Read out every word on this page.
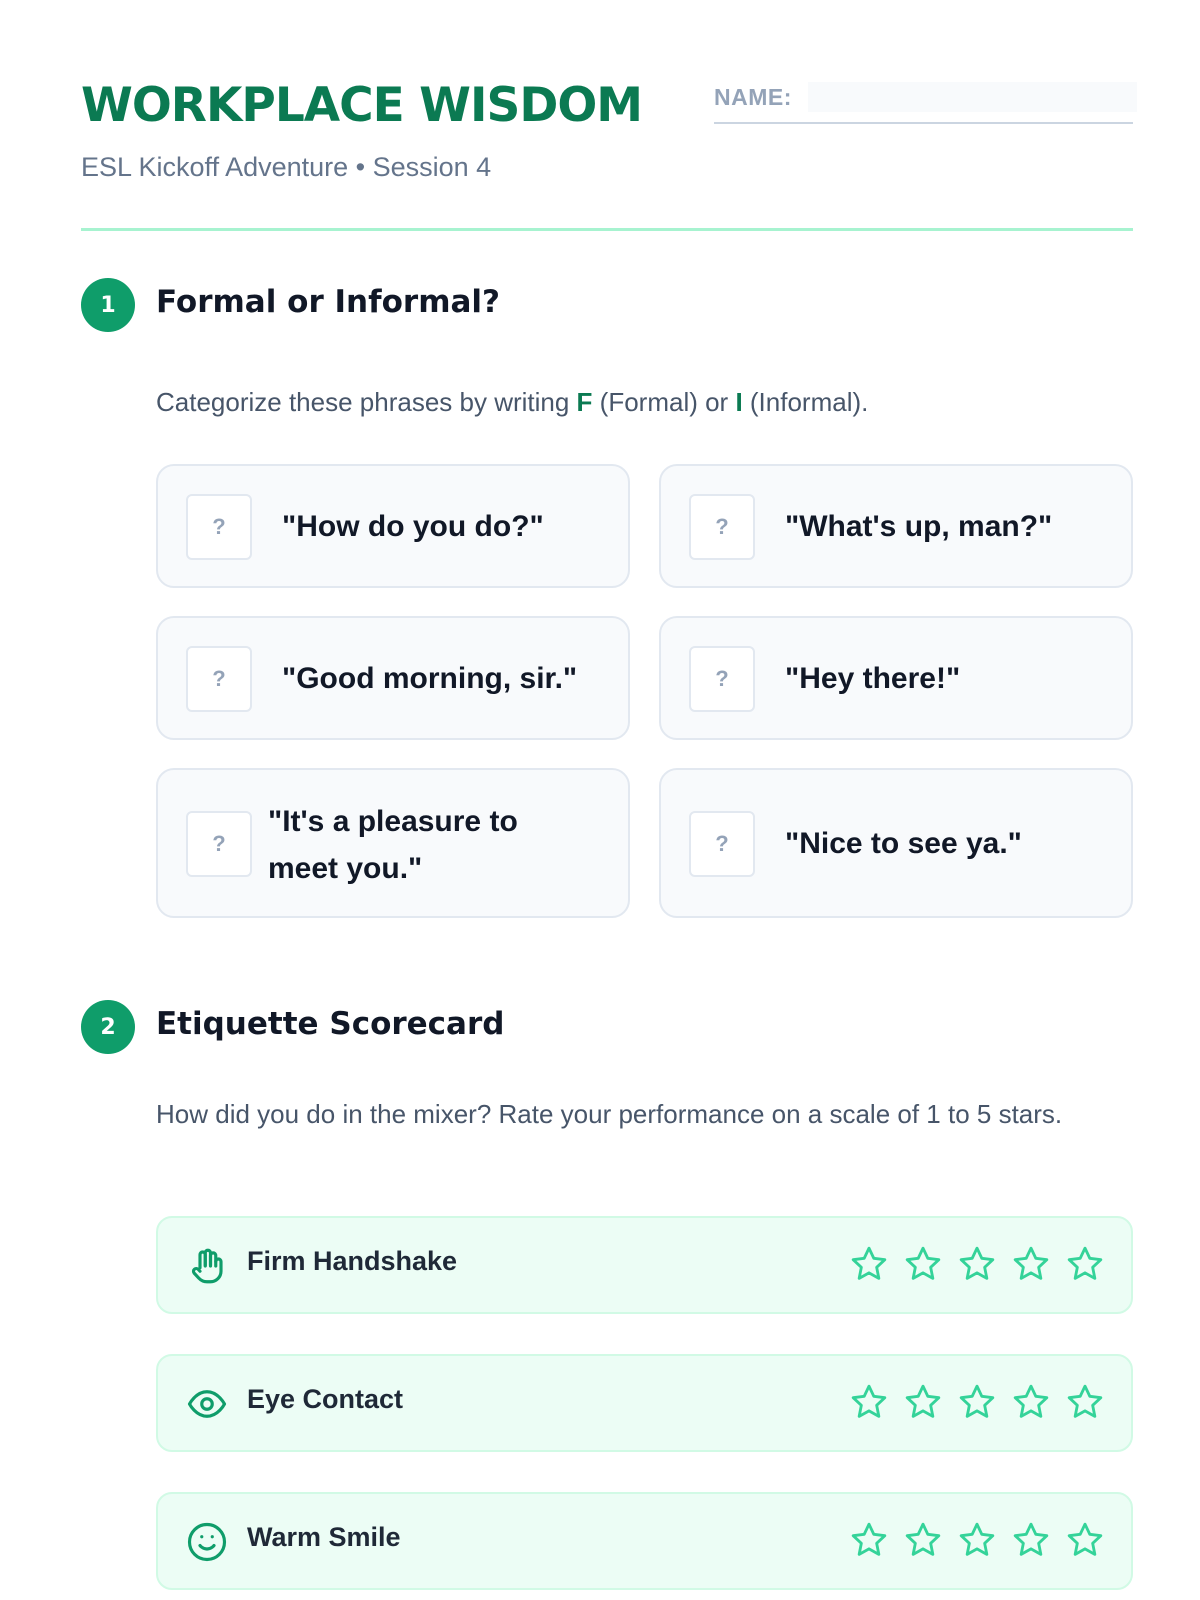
WORKPLACE WISDOM
ESL Kickoff Adventure • Session 4
NAME:
1	Formal or Informal?
Categorize these phrases by writing F (Formal) or I (Informal).
?	"How do you do?"	?	"What's up, man?"
?	"Good morning, sir."	?	"Hey there!"
?
"It's a pleasure to meet you."
?	"Nice to see ya."
2	Etiquette Scorecard
How did you do in the mixer? Rate your performance on a scale of 1 to 5 stars.
Firm Handshake
Eye Contact
Warm Smile
